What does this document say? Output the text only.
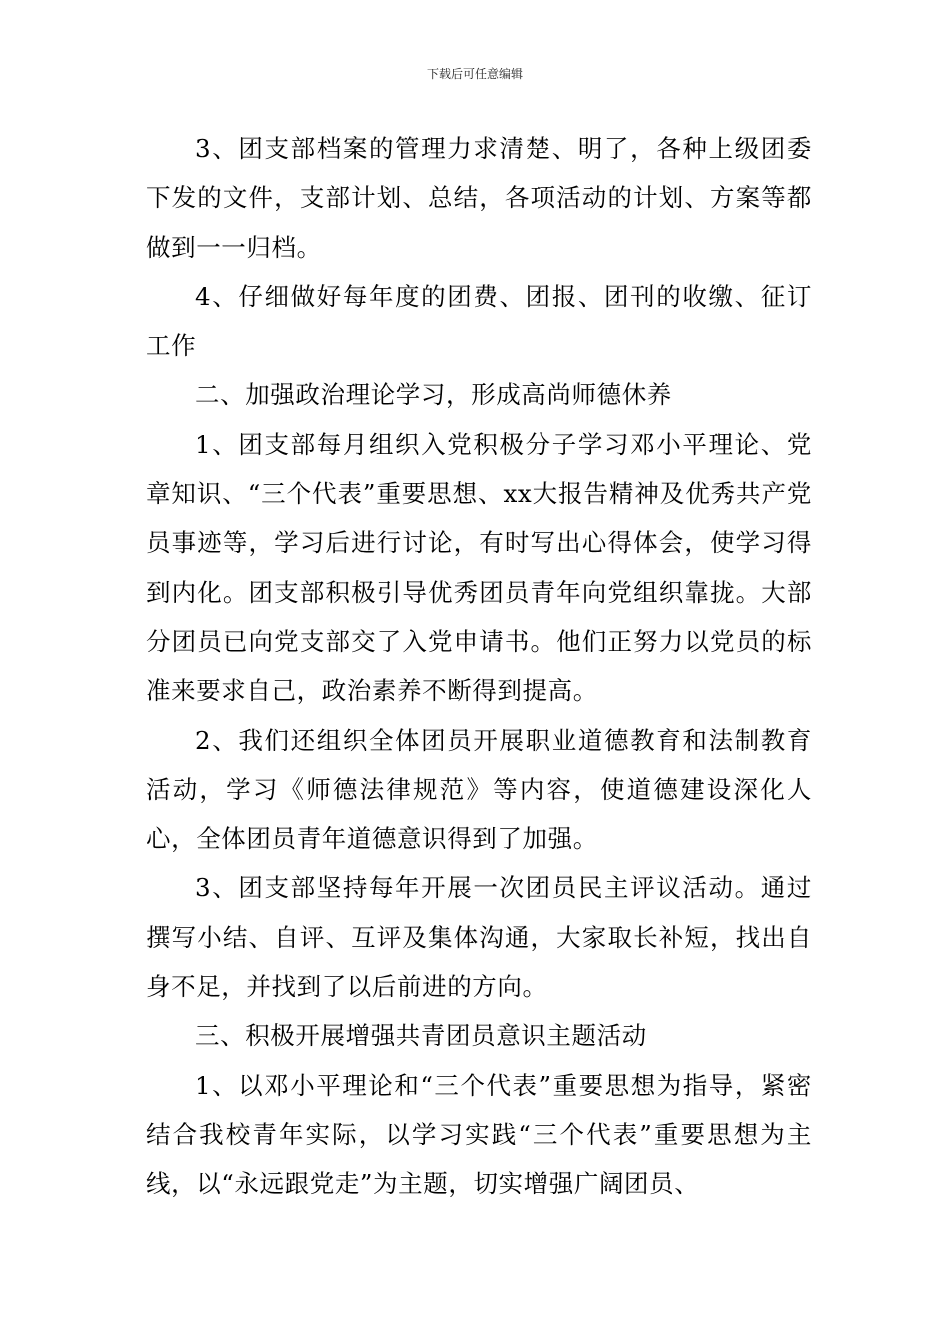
下载后可任意编辑

3、团支部档案的管理力求清楚、明了，各种上级团委下发的文件，支部计划、总结，各项活动的计划、方案等都做到一一归档。

4、仔细做好每年度的团费、团报、团刊的收缴、征订工作

二、加强政治理论学习，形成高尚师德休养

1、团支部每月组织入党积极分子学习邓小平理论、党章知识、“三个代表”重要思想、xx大报告精神及优秀共产党员事迹等，学习后进行讨论，有时写出心得体会，使学习得到内化。团支部积极引导优秀团员青年向党组织靠拢。大部分团员已向党支部交了入党申请书。他们正努力以党员的标准来要求自己，政治素养不断得到提高。

2、我们还组织全体团员开展职业道德教育和法制教育活动，学习《师德法律规范》等内容，使道德建设深化人心，全体团员青年道德意识得到了加强。

3、团支部坚持每年开展一次团员民主评议活动。通过撰写小结、自评、互评及集体沟通，大家取长补短，找出自身不足，并找到了以后前进的方向。

三、积极开展增强共青团员意识主题活动

1、以邓小平理论和“三个代表”重要思想为指导，紧密结合我校青年实际，以学习实践“三个代表”重要思想为主线，以“永远跟党走”为主题，切实增强广阔团员、
